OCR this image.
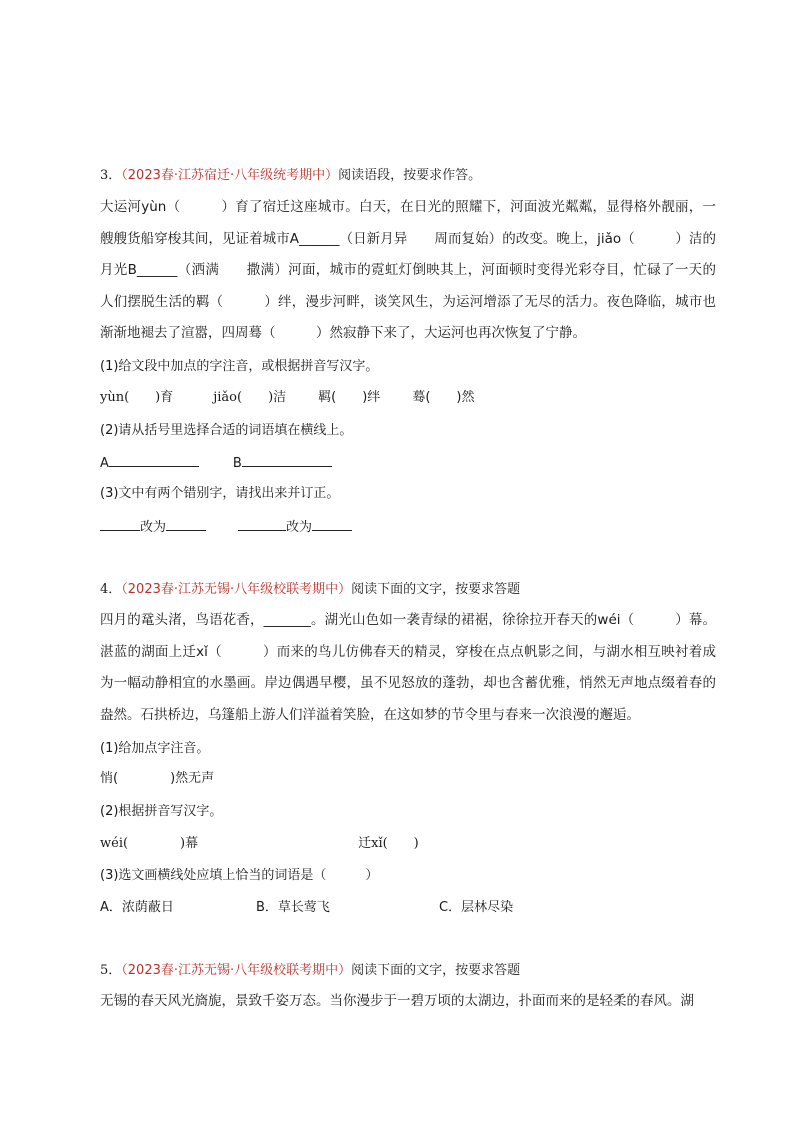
3．（2023春·江苏宿迁·八年级统考期中）阅读语段，按要求作答。
大运河yùn（　　　）育了宿迁这座城市。白天，在日光的照耀下，河面波光粼粼，显得格外靓丽，一艘艘货船穿梭其间，见证着城市A______（日新月异　　周而复始）的改变。晚上，jiǎo（　　　）洁的月光B______（洒满　　撒满）河面，城市的霓虹灯倒映其上，河面顿时变得光彩夺目，忙碌了一天的人们摆脱生活的羁（　　　）绊，漫步河畔，谈笑风生，为运河增添了无尽的活力。夜色降临，城市也渐渐地褪去了渲嚣，四周蓦（　　　）然寂静下来了，大运河也再次恢复了宁静。
(1)给文段中加点的字注音，或根据拼音写汉字。
yùn(　　)育	jiǎo(　　)洁 羁(　　)绊 蓦(　　)然
(2)请从括号里选择合适的词语填在横线上。
A	B
(3)文中有两个错别字，请找出来并订正。
改为	改为
4．（2023春·江苏无锡·八年级校联考期中）阅读下面的文字，按要求答题
四月的鼋头渚，鸟语花香，_______。湖光山色如一袭青绿的裙裾，徐徐拉开春天的wéi（　　　）幕。湛蓝的湖面上迁xǐ（　　　）而来的鸟儿仿佛春天的精灵，穿梭在点点帆影之间，与湖水相互映衬着成为一幅动静相宜的水墨画。岸边偶遇早樱，虽不见怒放的蓬勃，却也含蓄优雅，悄然无声地点缀着春的盎然。石拱桥边，乌篷船上游人们洋溢着笑脸，在这如梦的节令里与春来一次浪漫的邂逅。
(1)给加点字注音。
悄(　　　　)然无声
(2)根据拼音写汉字。
wéi(　　　　)幕	迁xǐ(　　)
(3)选文画横线处应填上恰当的词语是（　　　）
A．浓荫蔽日	B．草长莺飞	C．层林尽染
5．（2023春·江苏无锡·八年级校联考期中）阅读下面的文字，按要求答题
无锡的春天风光旖旎，景致千姿万态。当你漫步于一碧万顷的太湖边，扑面而来的是轻柔的春风。湖
